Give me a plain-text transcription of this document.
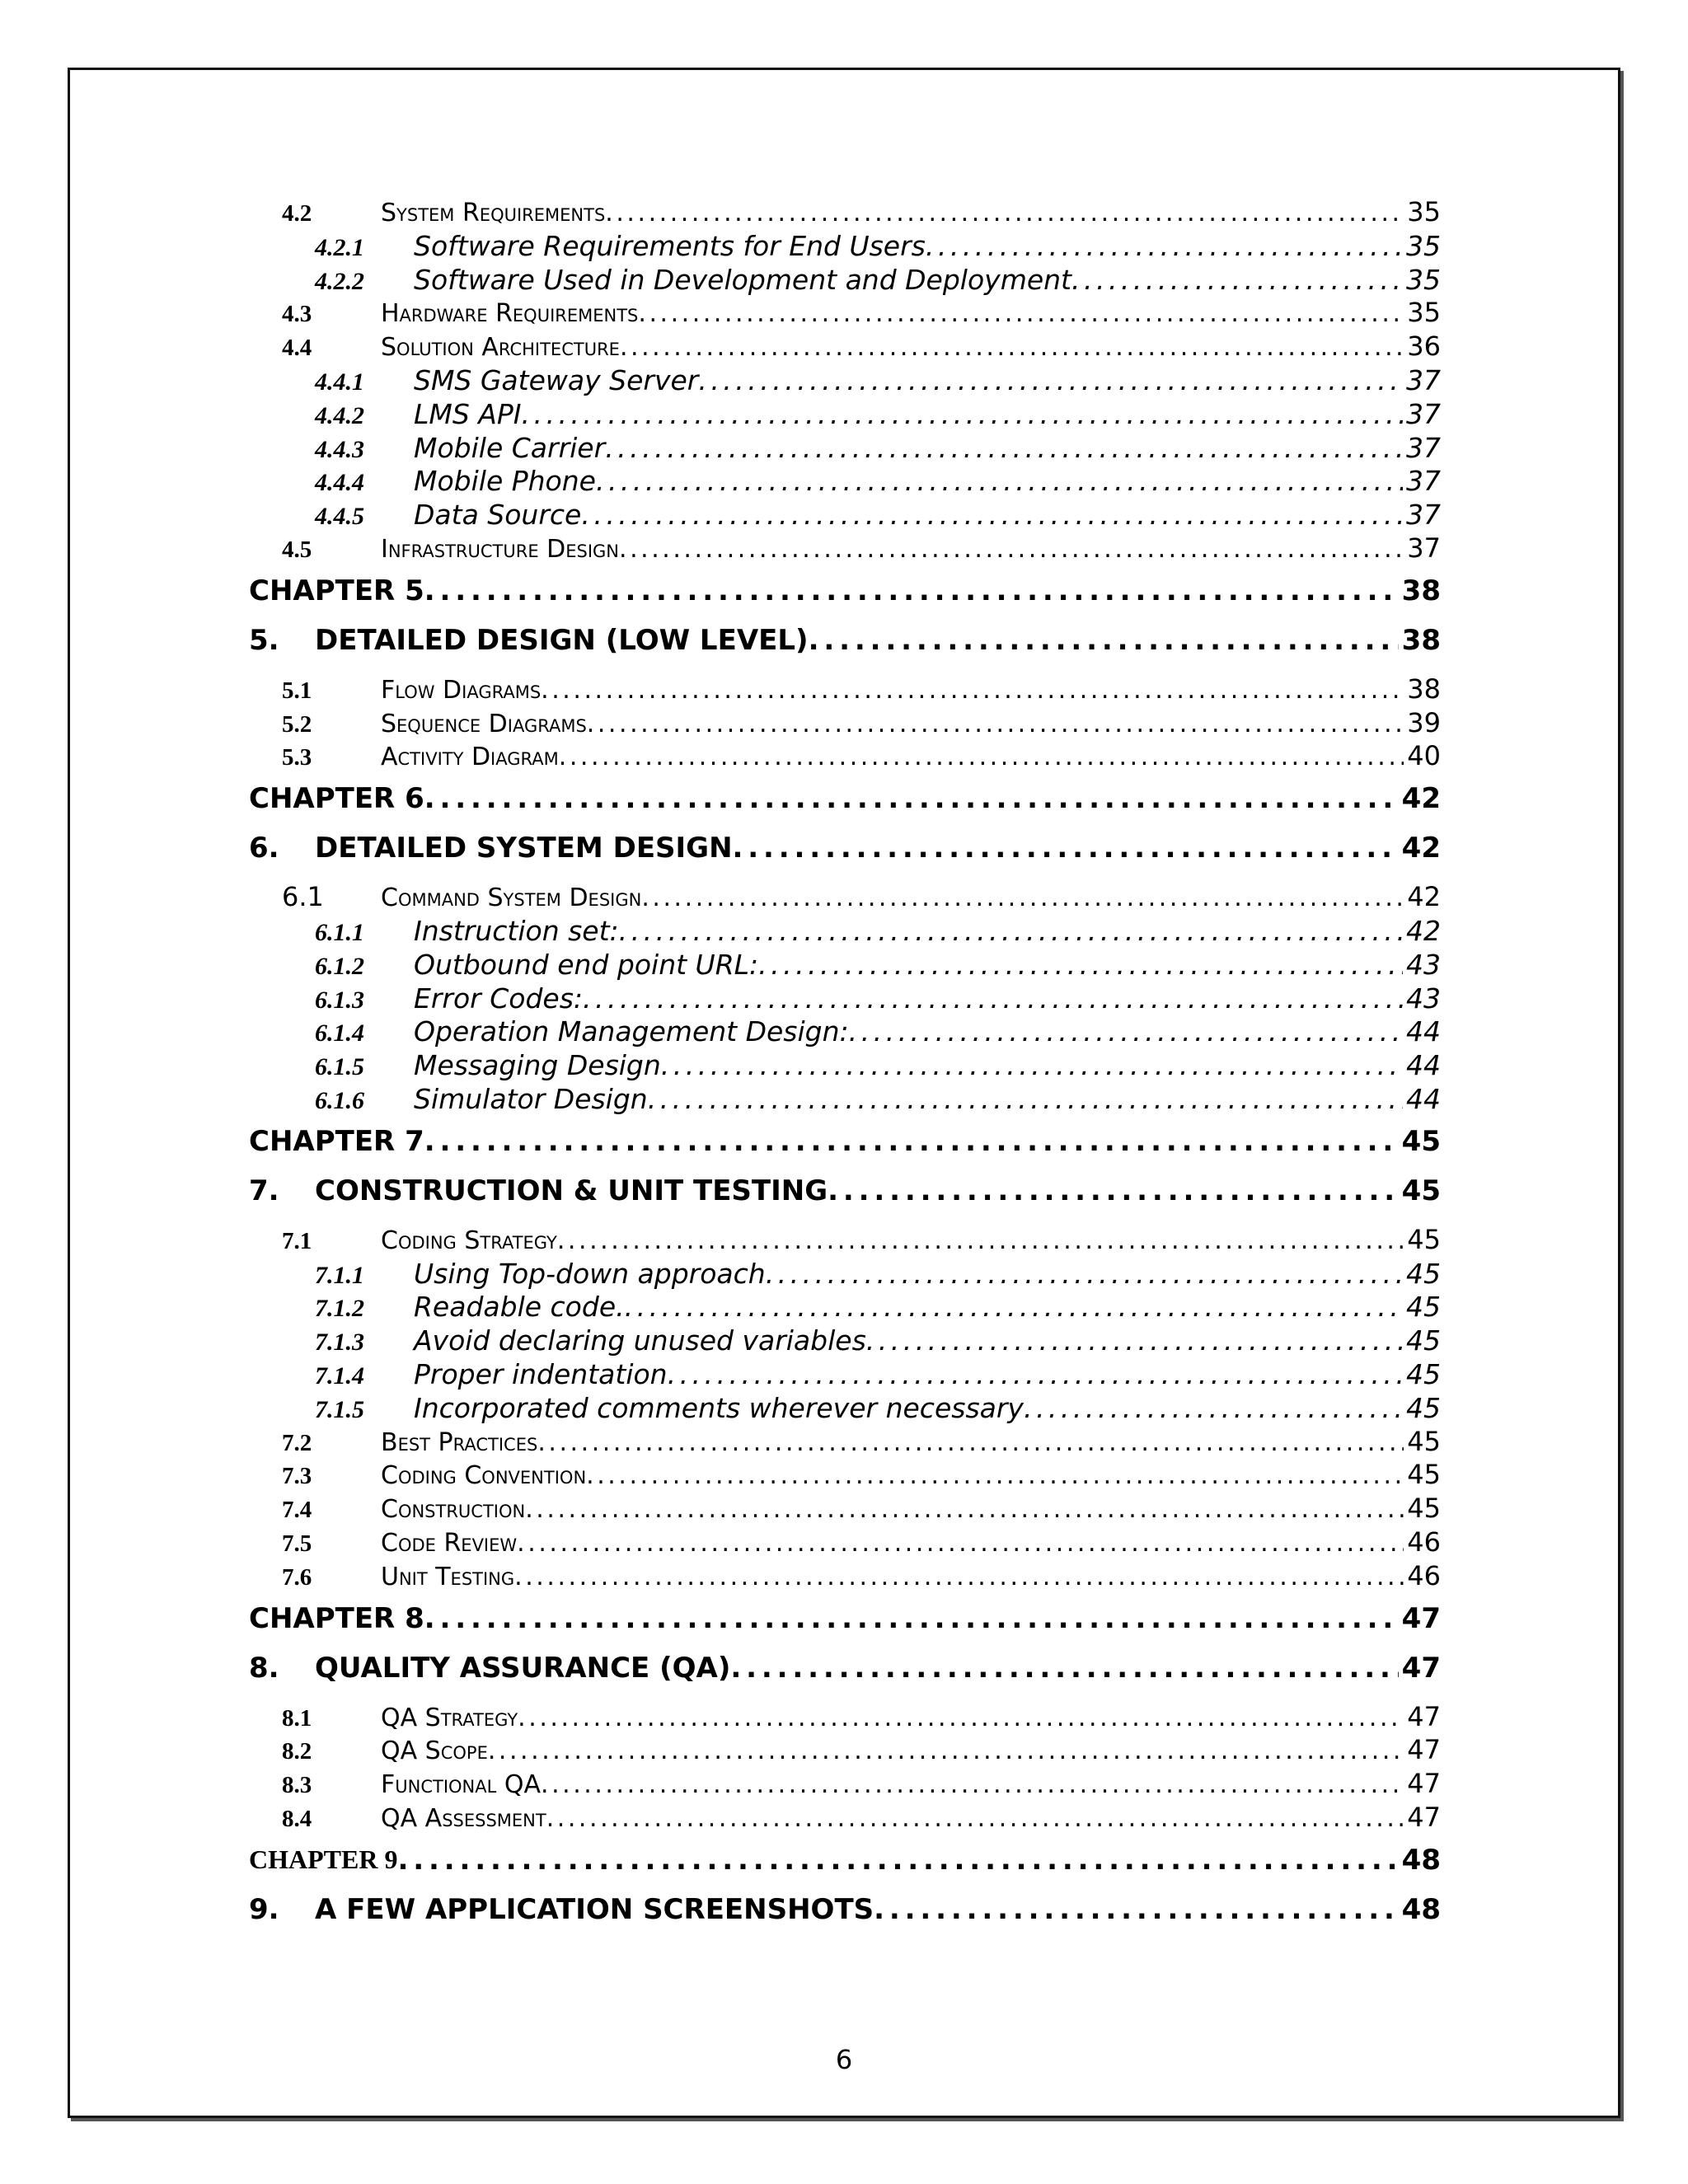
4.2	System Requirements . . .	35
4.2.1	Software Requirements for End Users . . .	35
4.2.2	Software Used in Development and Deployment . . .	35
4.3	Hardware Requirements . . .	35
4.4	Solution Architecture . . .	36
4.4.1	SMS Gateway Server . . .	37
4.4.2	LMS API . . .	37
4.4.3	Mobile Carrier . . .	37
4.4.4	Mobile Phone . . .	37
4.4.5	Data Source . . .	37
4.5	Infrastructure Design . . .	37
CHAPTER 5 . . .	38
5.	DETAILED DESIGN (LOW LEVEL) . . .	38
5.1	Flow Diagrams . . .	38
5.2	Sequence Diagrams . . .	39
5.3	Activity Diagram . . .	40
CHAPTER 6 . . .	42
6.	DETAILED SYSTEM DESIGN . . .	42
6.1	Command System Design . . .	42
6.1.1	Instruction set: . . .	42
6.1.2	Outbound end point URL: . . .	43
6.1.3	Error Codes: . . .	43
6.1.4	Operation Management Design: . . .	44
6.1.5	Messaging Design . . .	44
6.1.6	Simulator Design . . .	44
CHAPTER 7 . . .	45
7.	CONSTRUCTION & UNIT TESTING . . .	45
7.1	Coding Strategy . . .	45
7.1.1	Using Top-down approach . . .	45
7.1.2	Readable code. . . .	45
7.1.3	Avoid declaring unused variables . . .	45
7.1.4	Proper indentation . . .	45
7.1.5	Incorporated comments wherever necessary . . .	45
7.2	Best Practices . . .	45
7.3	Coding Convention . . .	45
7.4	Construction . . .	45
7.5	Code Review . . .	46
7.6	Unit Testing . . .	46
CHAPTER 8 . . .	47
8.	QUALITY ASSURANCE (QA) . . .	47
8.1	QA Strategy . . .	47
8.2	QA Scope . . .	47
8.3	Functional QA . . .	47
8.4	QA Assessment . . .	47
CHAPTER 9 . . .	48
9.	A FEW APPLICATION SCREENSHOTS . . .	48
6
